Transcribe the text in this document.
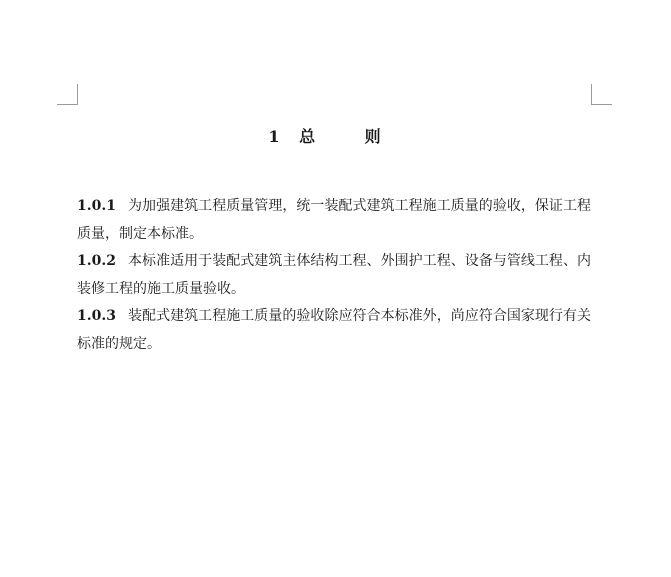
1 总 则

1.0.1 为加强建筑工程质量管理，统一装配式建筑工程施工质量的验收，保证工程质量，制定本标准。

1.0.2 本标准适用于装配式建筑主体结构工程、外围护工程、设备与管线工程、内装修工程的施工质量验收。

1.0.3 装配式建筑工程施工质量的验收除应符合本标准外，尚应符合国家现行有关标准的规定。
